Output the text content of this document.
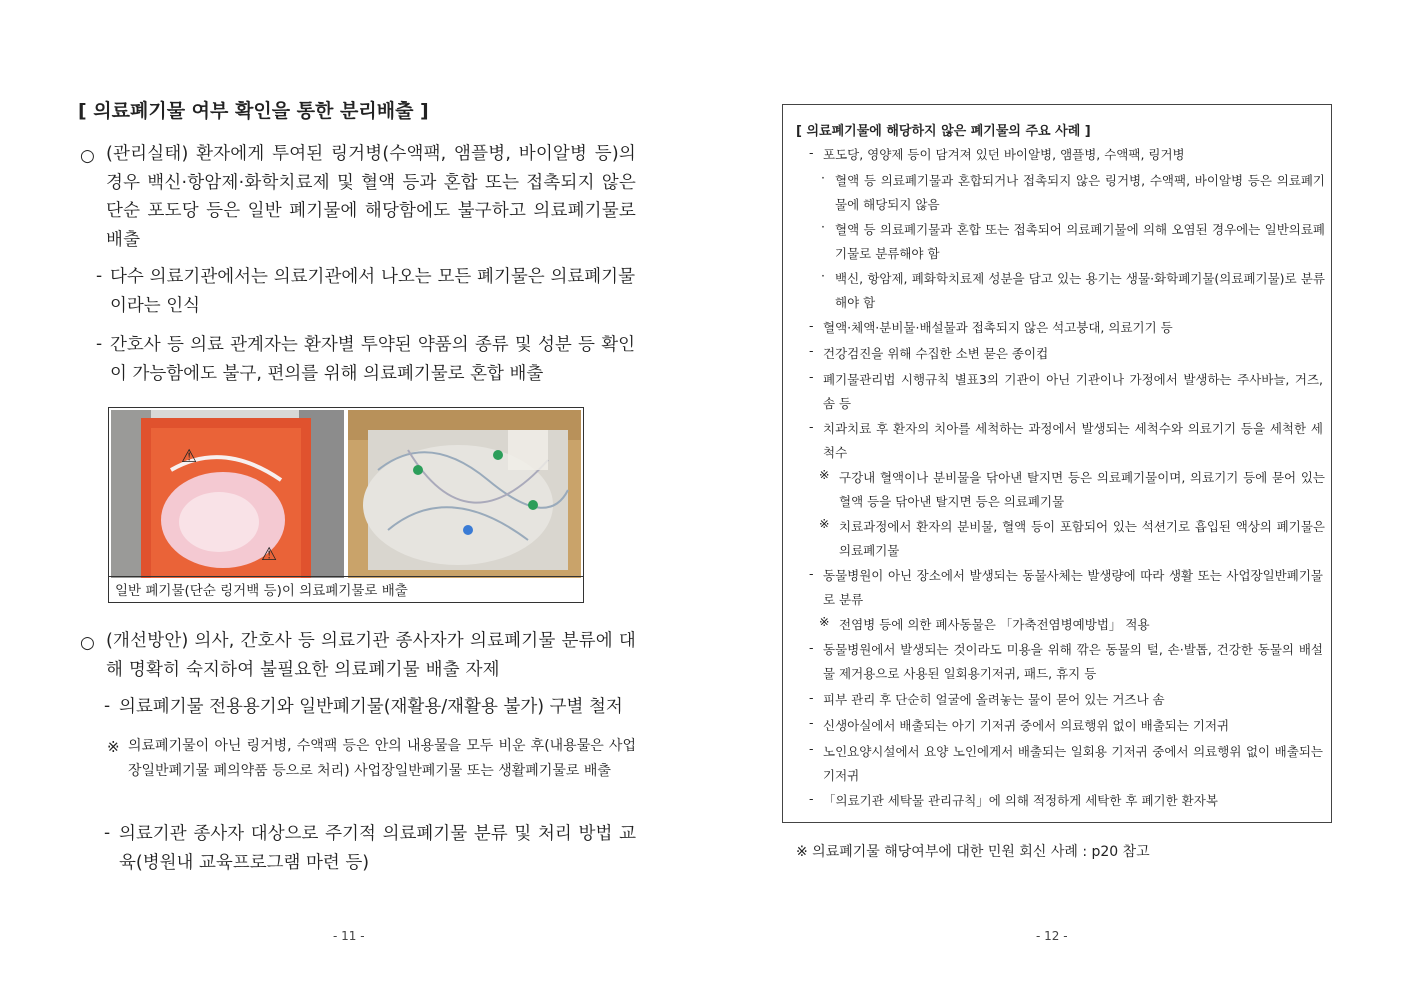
[ 의료폐기물 여부 확인을 통한 분리배출 ]
○ (관리실태) 환자에게 투여된 링거병(수액팩, 앰플병, 바이알병 등)의 경우 백신·항암제·화학치료제 및 혈액 등과 혼합 또는 접촉되지 않은 단순 포도당 등은 일반 폐기물에 해당함에도 불구하고 의료폐기물로 배출
- 다수 의료기관에서는 의료기관에서 나오는 모든 폐기물은 의료폐기물이라는 인식
- 간호사 등 의료 관계자는 환자별 투약된 약품의 종류 및 성분 등 확인이 가능함에도 불구, 편의를 위해 의료폐기물로 혼합 배출
⚠
⚠
일반 폐기물(단순 링거백 등)이 의료폐기물로 배출
○ (개선방안) 의사, 간호사 등 의료기관 종사자가 의료폐기물 분류에 대해 명확히 숙지하여 불필요한 의료폐기물 배출 자제
- 의료폐기물 전용용기와 일반폐기물(재활용/재활용 불가) 구별 철저
※ 의료폐기물이 아닌 링거병, 수액팩 등은 안의 내용물을 모두 비운 후(내용물은 사업장일반폐기물 폐의약품 등으로 처리) 사업장일반폐기물 또는 생활폐기물로 배출
- 의료기관 종사자 대상으로 주기적 의료폐기물 분류 및 처리 방법 교육(병원내 교육프로그램 마련 등)
- 11 -
[ 의료폐기물에 해당하지 않은 폐기물의 주요 사례 ]
- 포도당, 영양제 등이 담겨져 있던 바이알병, 앰플병, 수액팩, 링거병
· 혈액 등 의료폐기물과 혼합되거나 접촉되지 않은 링거병, 수액팩, 바이알병 등은 의료폐기물에 해당되지 않음
· 혈액 등 의료폐기물과 혼합 또는 접촉되어 의료폐기물에 의해 오염된 경우에는 일반의료폐기물로 분류해야 함
· 백신, 항암제, 폐화학치료제 성분을 담고 있는 용기는 생물·화학폐기물(의료폐기물)로 분류해야 함
- 혈액·체액·분비물·배설물과 접촉되지 않은 석고붕대, 의료기기 등
- 건강검진을 위해 수집한 소변 묻은 종이컵
- 폐기물관리법 시행규칙 별표3의 기관이 아닌 기관이나 가정에서 발생하는 주사바늘, 거즈, 솜 등
- 치과치료 후 환자의 치아를 세척하는 과정에서 발생되는 세척수와 의료기기 등을 세척한 세척수
※ 구강내 혈액이나 분비물을 닦아낸 탈지면 등은 의료폐기물이며, 의료기기 등에 묻어 있는 혈액 등을 닦아낸 탈지면 등은 의료폐기물
※ 치료과정에서 환자의 분비물, 혈액 등이 포함되어 있는 석션기로 흡입된 액상의 폐기물은 의료폐기물
- 동물병원이 아닌 장소에서 발생되는 동물사체는 발생량에 따라 생활 또는 사업장일반폐기물로 분류
※ 전염병 등에 의한 폐사동물은 「가축전염병예방법」 적용
- 동물병원에서 발생되는 것이라도 미용을 위해 깎은 동물의 털, 손·발톱, 건강한 동물의 배설물 제거용으로 사용된 일회용기저귀, 패드, 휴지 등
- 피부 관리 후 단순히 얼굴에 올려놓는 물이 묻어 있는 거즈나 솜
- 신생아실에서 배출되는 아기 기저귀 중에서 의료행위 없이 배출되는 기저귀
- 노인요양시설에서 요양 노인에게서 배출되는 일회용 기저귀 중에서 의료행위 없이 배출되는 기저귀
- 「의료기관 세탁물 관리규칙」에 의해 적정하게 세탁한 후 폐기한 환자복
※ 의료폐기물 해당여부에 대한 민원 회신 사례 : p20 참고
- 12 -
